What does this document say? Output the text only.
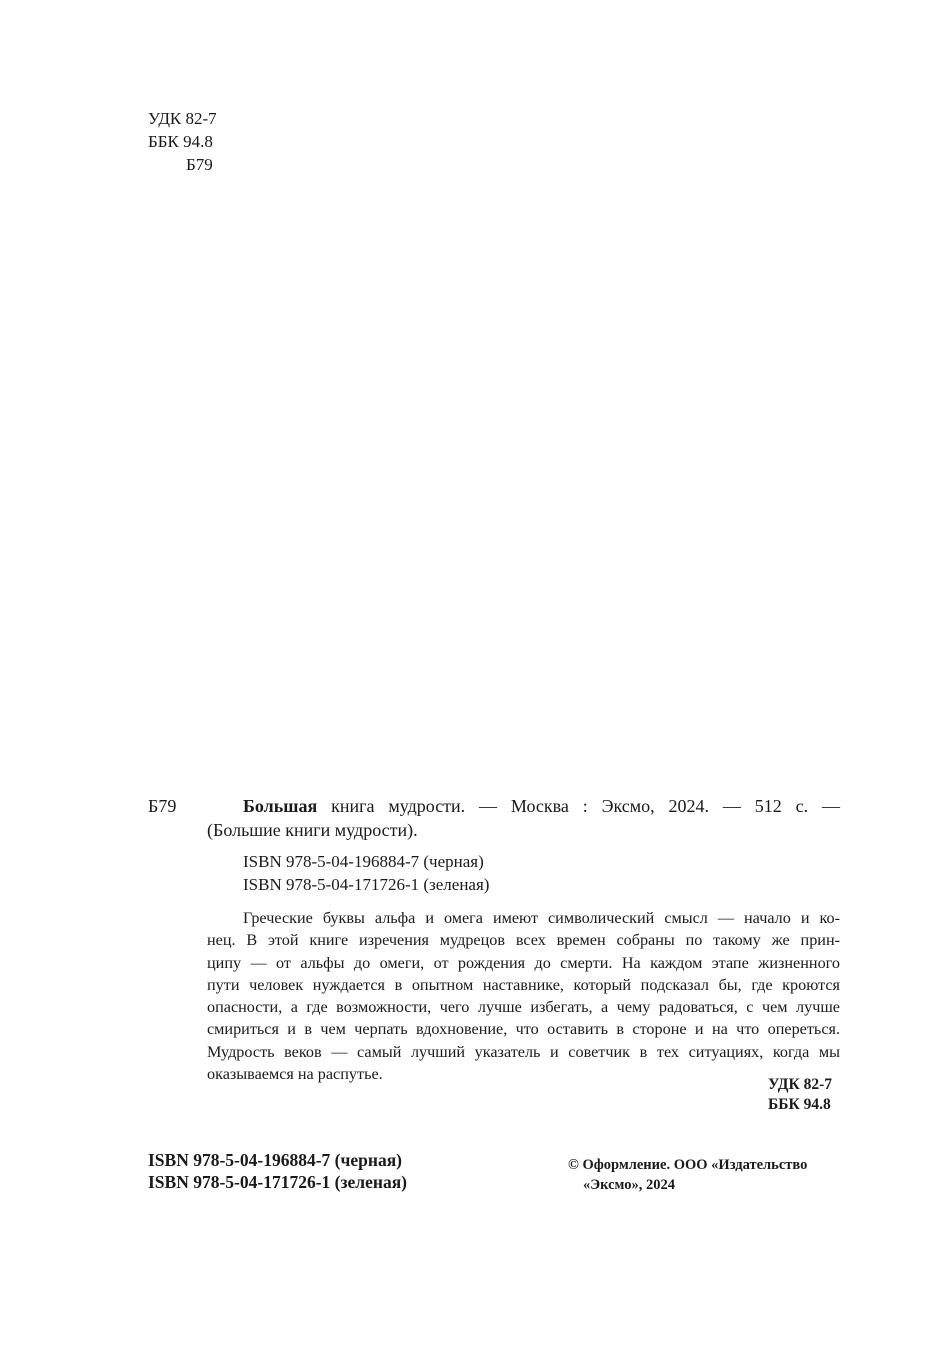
УДК 82-7
ББК 94.8
Б79
Б79	Большая книга мудрости. — Москва : Эксмо, 2024. — 512 с. —
(Большие книги мудрости).
ISBN 978-5-04-196884-7 (черная)
ISBN 978-5-04-171726-1 (зеленая)
Греческие буквы альфа и омега имеют символический смысл — начало и ко-
нец. В этой книге изречения мудрецов всех времен собраны по такому же прин-
ципу — от альфы до омеги, от рождения до смерти. На каждом этапе жизненного
пути человек нуждается в опытном наставнике, который подсказал бы, где кроются
опасности, а где возможности, чего лучше избегать, а чему радоваться, с чем лучше
смириться и в чем черпать вдохновение, что оставить в стороне и на что опереться.
Мудрость веков — самый лучший указатель и советчик в тех ситуациях, когда мы
оказываемся на распутье.
УДК 82-7
ББК 94.8
ISBN 978-5-04-196884-7 (черная)
ISBN 978-5-04-171726-1 (зеленая)
© Оформление. ООО «Издательство
«Эксмо», 2024
